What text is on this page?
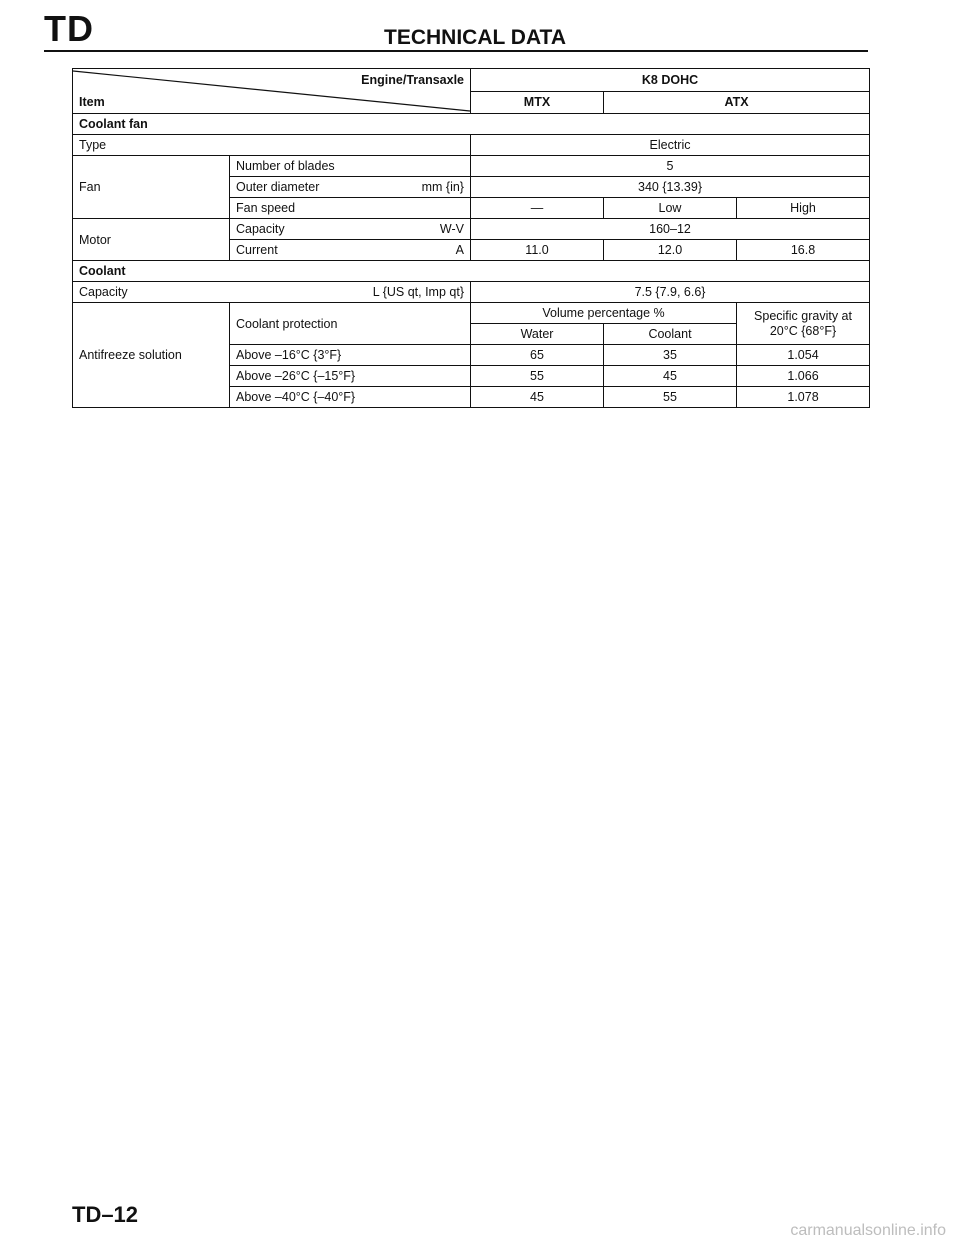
TD	TECHNICAL DATA
Engine/Transaxle
Item		K8 DOHC		
		MTX	ATX	
Coolant fan				
Type		Electric		
Fan	Number of blades	5		

	Outer diameter mm {in}	340 {13.39}		
	Fan speed	—	Low	High
Motor	Capacity W-V	160–12		

	Current A	11.0	12.0	16.8
Coolant				

Capacity L {US qt, Imp qt}		7.5 {7.9, 6.6}		
Antifreeze solution	Coolant protection	Volume percentage %		Specific gravity at 20°C {68°F}
		Water	Coolant	
	Above –16°C {3°F}	65	35	1.054
	Above –26°C {–15°F}	55	45	1.066
	Above –40°C {–40°F}	45	55	1.078
TD–12
carmanualsonline.info
